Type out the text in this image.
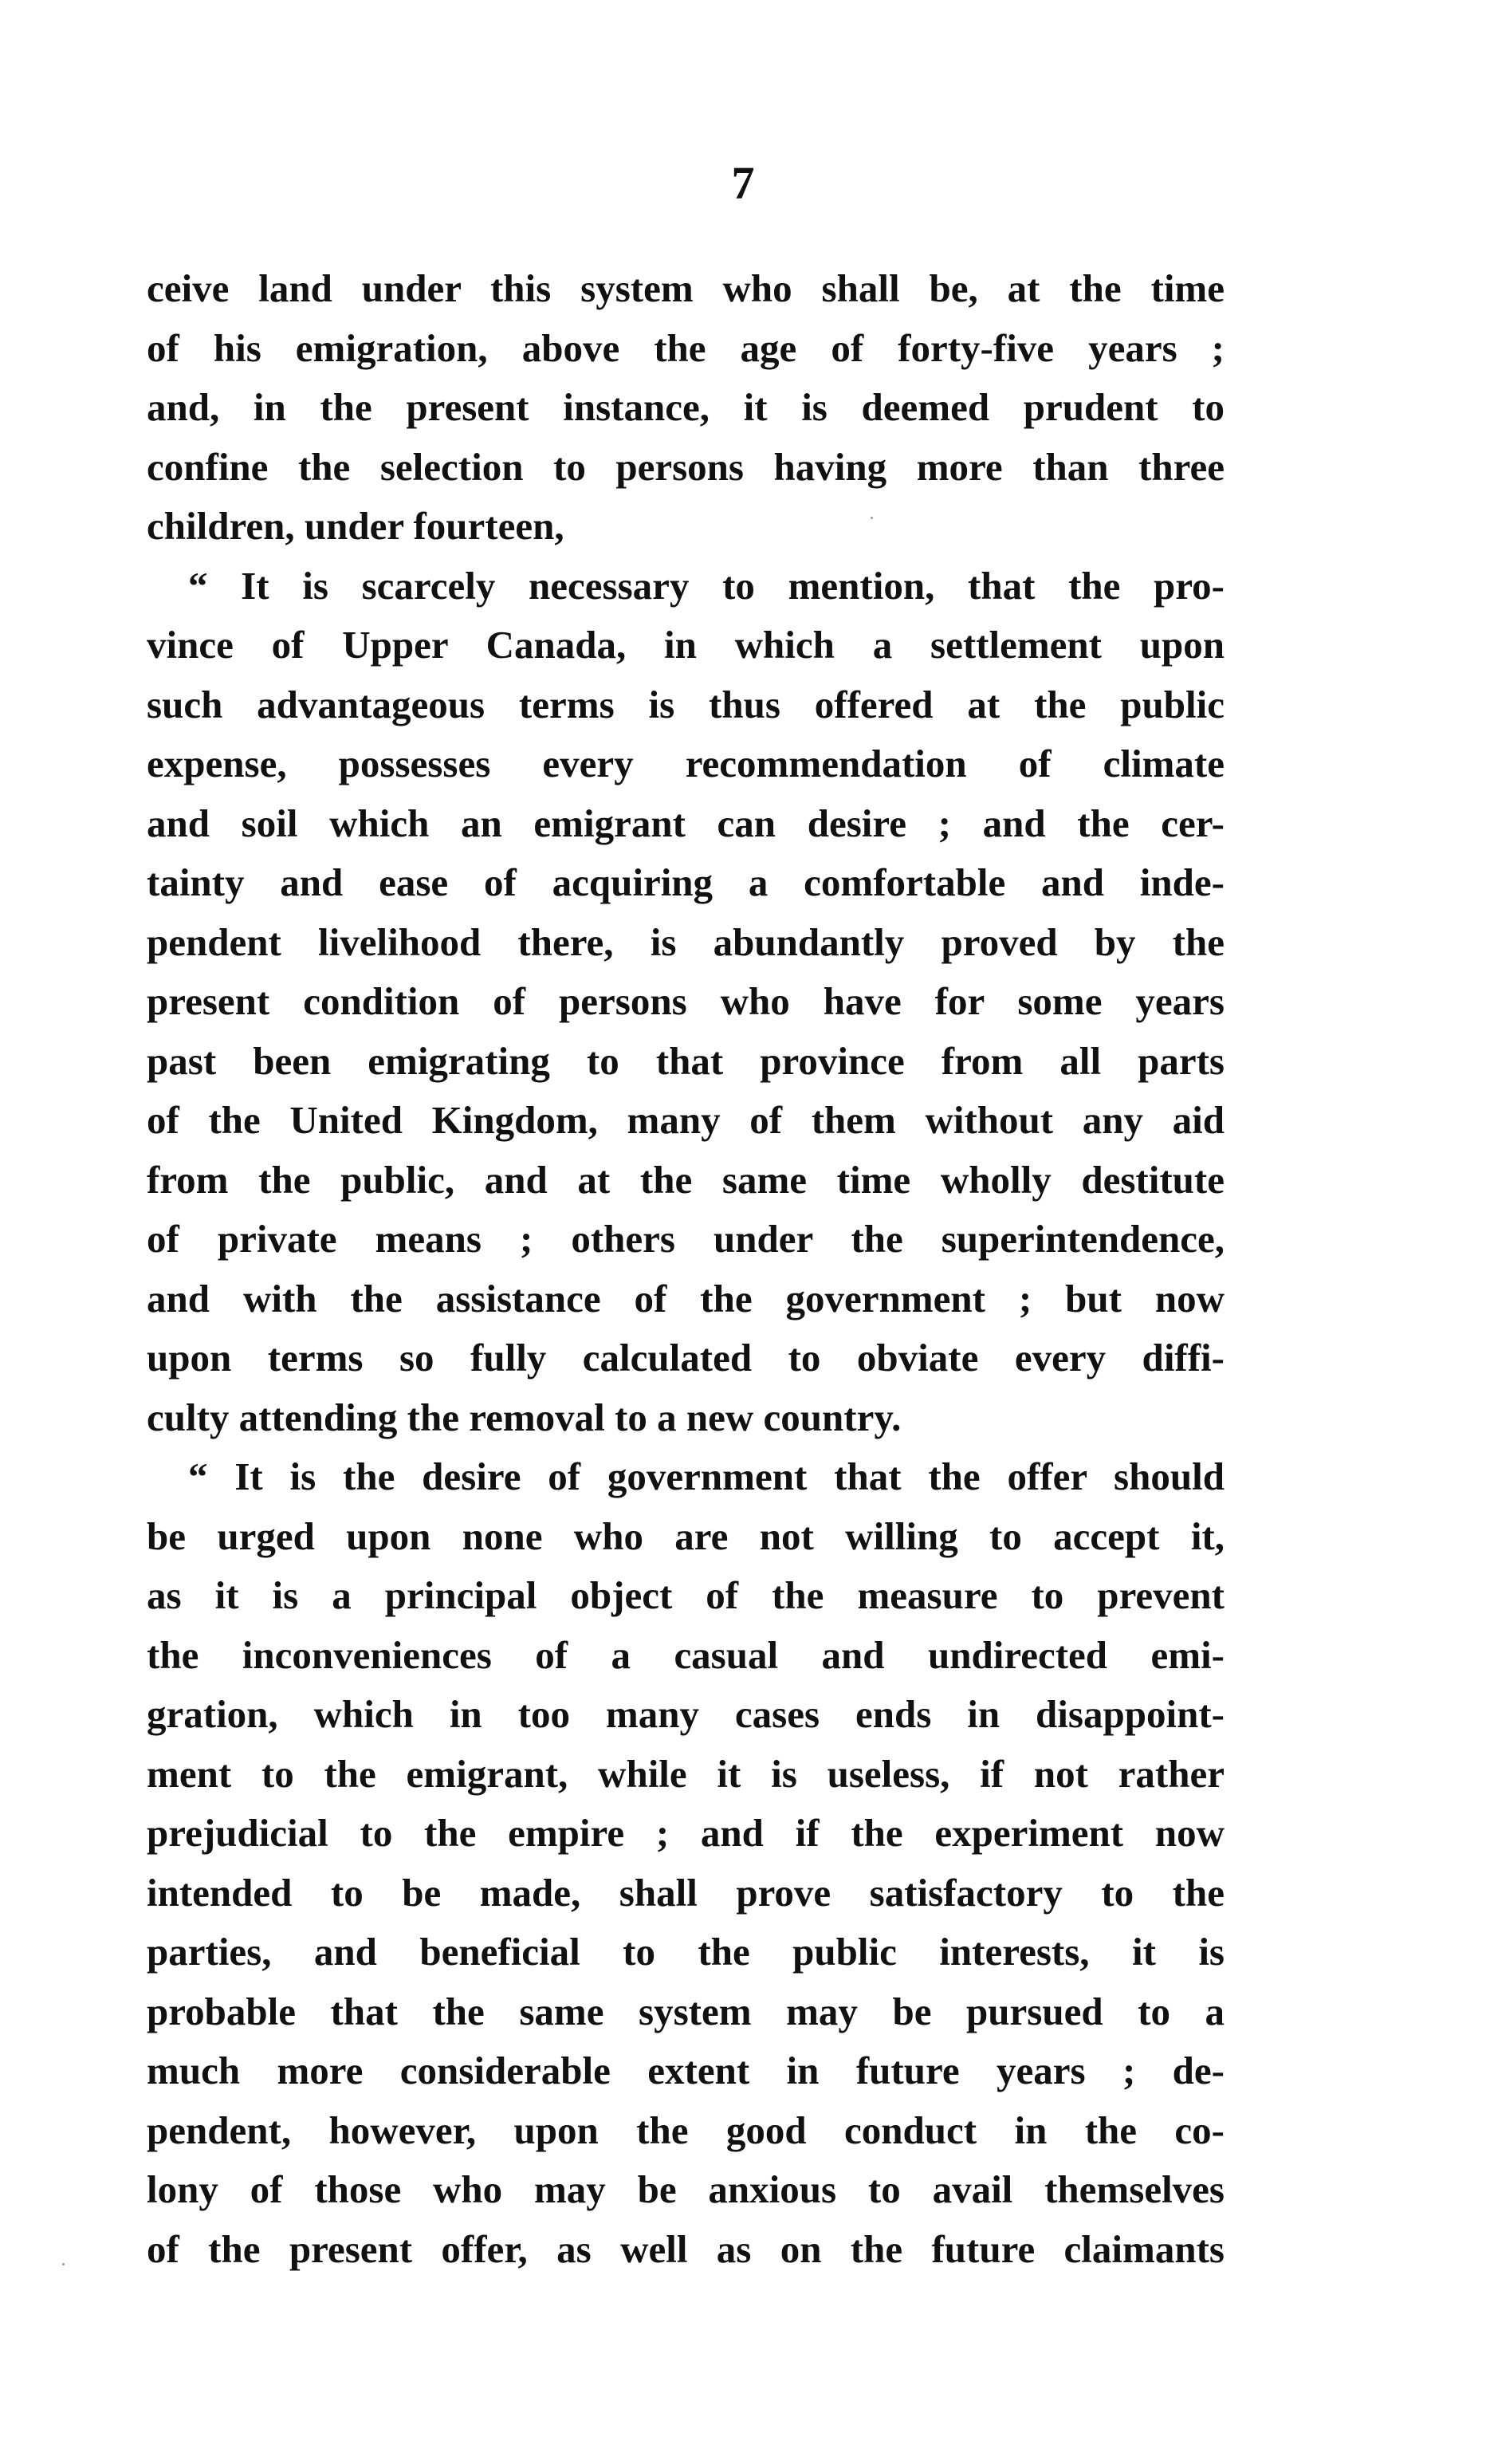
7
ceive land under this system who shall be, at the time
of his emigration, above the age of forty-five years ;
and, in the present instance, it is deemed prudent to
confine the selection to persons having more than three
children, under fourteen,
“ It is scarcely necessary to mention, that the pro-
vince of Upper Canada, in which a settlement upon
such advantageous terms is thus offered at the public
expense, possesses every recommendation of climate
and soil which an emigrant can desire ; and the cer-
tainty and ease of acquiring a comfortable and inde-
pendent livelihood there, is abundantly proved by the
present condition of persons who have for some years
past been emigrating to that province from all parts
of the United Kingdom, many of them without any aid
from the public, and at the same time wholly destitute
of private means ; others under the superintendence,
and with the assistance of the government ; but now
upon terms so fully calculated to obviate every diffi-
culty attending the removal to a new country.
“ It is the desire of government that the offer should
be urged upon none who are not willing to accept it,
as it is a principal object of the measure to prevent
the inconveniences of a casual and undirected emi-
gration, which in too many cases ends in disappoint-
ment to the emigrant, while it is useless, if not rather
prejudicial to the empire ; and if the experiment now
intended to be made, shall prove satisfactory to the
parties, and beneficial to the public interests, it is
probable that the same system may be pursued to a
much more considerable extent in future years ; de-
pendent, however, upon the good conduct in the co-
lony of those who may be anxious to avail themselves
of the present offer, as well as on the future claimants
